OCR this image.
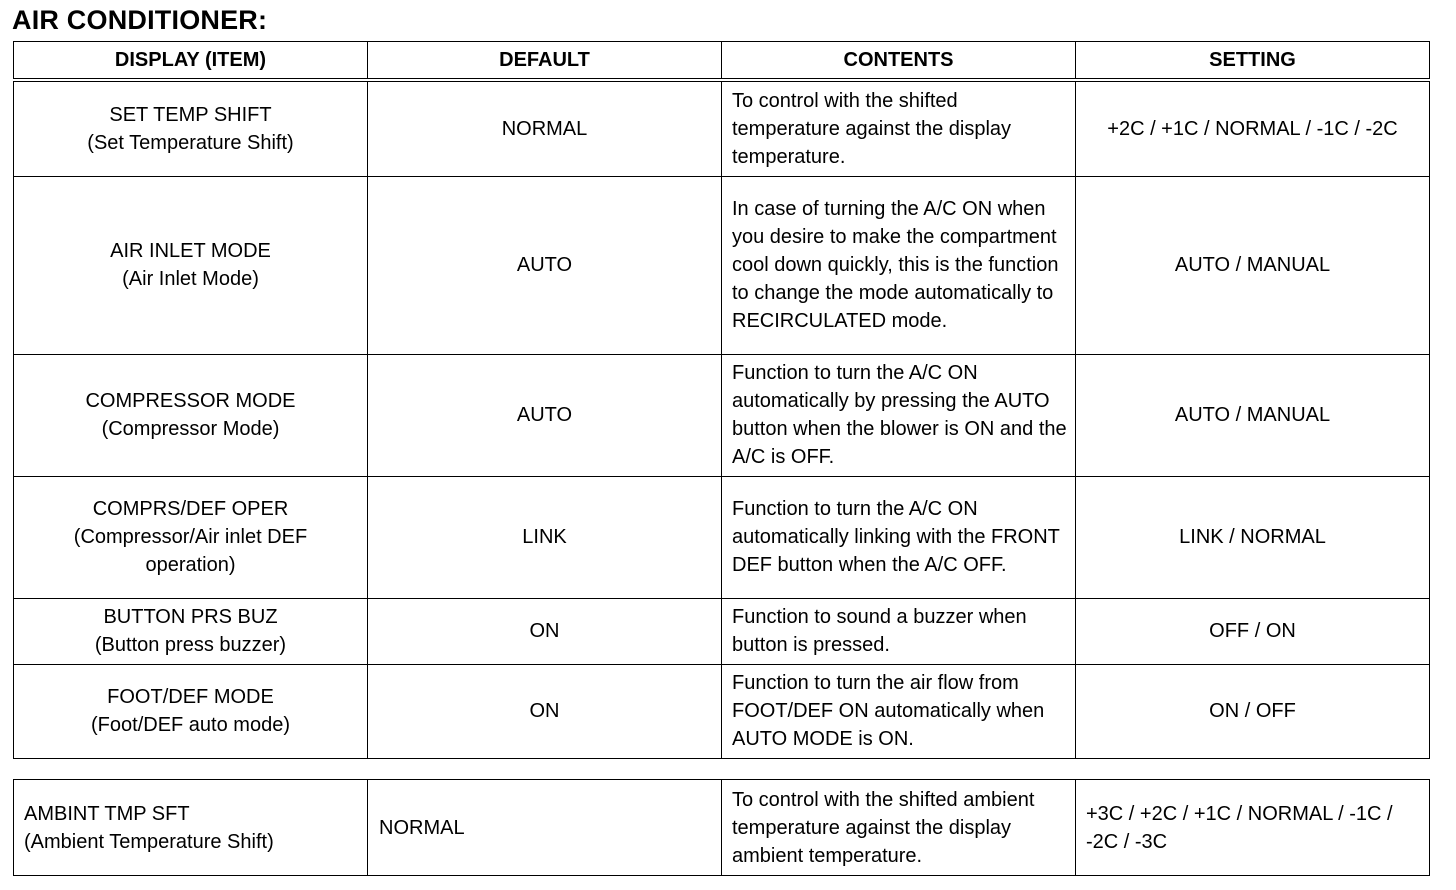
AIR CONDITIONER:
DISPLAY (ITEM)	DEFAULT	CONTENTS	SETTING

SET TEMP SHIFT
(Set Temperature Shift)	NORMAL	To control with the shifted temperature against the display temperature.	+2C / +1C / NORMAL / -1C / -2C

AIR INLET MODE
(Air Inlet Mode)	AUTO	In case of turning the A/C ON when you desire to make the compartment cool down quickly, this is the function to change the mode automatically to RECIRCULATED mode.	AUTO / MANUAL

COMPRESSOR MODE
(Compressor Mode)	AUTO	Function to turn the A/C ON automatically by pressing the AUTO button when the blower is ON and the A/C is OFF.	AUTO / MANUAL

COMPRS/DEF OPER
(Compressor/Air inlet DEF operation)	LINK	Function to turn the A/C ON automatically linking with the FRONT DEF button when the A/C OFF.	LINK / NORMAL

BUTTON PRS BUZ
(Button press buzzer)	ON	Function to sound a buzzer when button is pressed.	OFF / ON

FOOT/DEF MODE
(Foot/DEF auto mode)	ON	Function to turn the air flow from FOOT/DEF ON automatically when AUTO MODE is ON.	ON / OFF
AMBINT TMP SFT
(Ambient Temperature Shift)
	NORMAL	To control with the shifted ambient temperature against the display ambient temperature.	+3C / +2C / +1C / NORMAL / -1C / -2C / -3C
